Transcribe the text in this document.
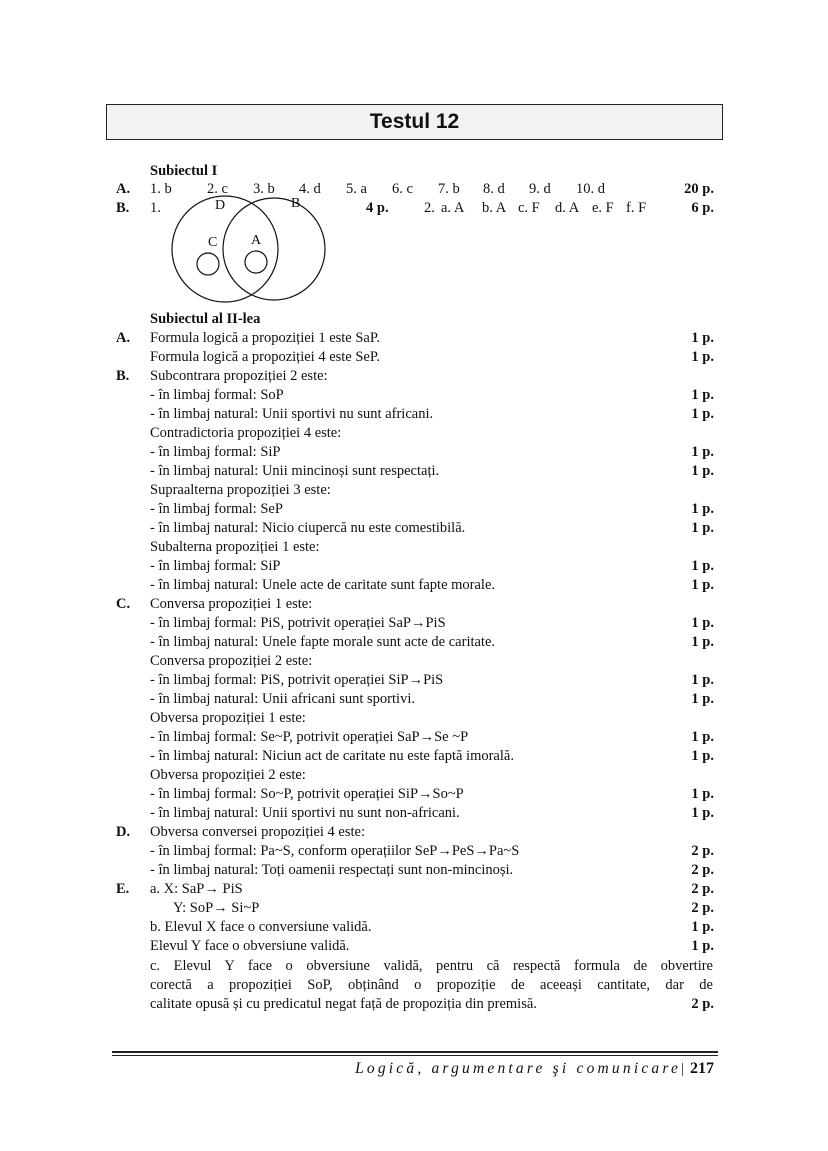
Testul 12
Subiectul I
A. 1. b 2. c 3. b 4. d 5. a 6. c 7. b 8. d 9. d 10. d	20 p.
B. 1.	4 p. 2. a. A b. A c. F d. A e. F f. F	6 p.
D	B
C A
Subiectul al II-lea
A. Formula logică a propoziției 1 este SaP.	1 p.
Formula logică a propoziției 4 este SeP.	1 p.
B. Subcontrara propoziției 2 este:
- în limbaj formal: SoP	1 p.
- în limbaj natural: Unii sportivi nu sunt africani.	1 p.
Contradictoria propoziției 4 este:
- în limbaj formal: SiP	1 p.
- în limbaj natural: Unii mincinoși sunt respectați.	1 p.
Supraalterna propoziției 3 este:
- în limbaj formal: SeP	1 p.
- în limbaj natural: Nicio ciupercă nu este comestibilă.	1 p.
Subalterna propoziției 1 este:
- în limbaj formal: SiP	1 p.
- în limbaj natural: Unele acte de caritate sunt fapte morale.	1 p.
C. Conversa propoziției 1 este:
- în limbaj formal: PiS, potrivit operației SaP→PiS	1 p.
- în limbaj natural: Unele fapte morale sunt acte de caritate.	1 p.
Conversa propoziției 2 este:
- în limbaj formal: PiS, potrivit operației SiP→PiS	1 p.
- în limbaj natural: Unii africani sunt sportivi.	1 p.
Obversa propoziției 1 este:
- în limbaj formal: Se~P, potrivit operației SaP→Se ~P	1 p.
- în limbaj natural: Niciun act de caritate nu este faptă imorală.	1 p.
Obversa propoziției 2 este:
- în limbaj formal: So~P, potrivit operației SiP→So~P	1 p.
- în limbaj natural: Unii sportivi nu sunt non-africani.	1 p.
D. Obversa conversei propoziției 4 este:
- în limbaj formal: Pa~S, conform operațiilor SeP→PeS→Pa~S	2 p.
- în limbaj natural: Toți oamenii respectați sunt non-mincinoși.	2 p.
E. a. X: SaP→ PiS	2 p.
Y: SoP→ Si~P	2 p.
b. Elevul X face o conversiune validă.	1 p.
Elevul Y face o obversiune validă.	1 p.
c. Elevul Y face o obversiune validă, pentru că respectă formula de obvertire
corectă a propoziției SoP, obținând o propoziție de aceeași cantitate, dar de
calitate opusă și cu predicatul negat față de propoziția din premisă.	2 p.
Logică, argumentare şi comunicare| 217
